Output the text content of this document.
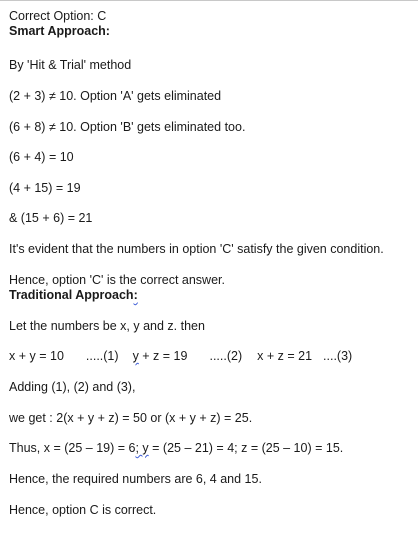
Correct Option: C
Smart Approach:
By 'Hit & Trial' method
(2 + 3) ≠ 10. Option 'A' gets eliminated
(6 + 8) ≠ 10. Option 'B' gets eliminated too.
(6 + 4) = 10
(4 + 15) = 19
& (15 + 6) = 21
It's evident that the numbers in option 'C' satisfy the given condition.
Hence, option 'C' is the correct answer.
Traditional Approach:
Let the numbers be x, y and z. then
x + y = 10 .....(1) y + z = 19 .....(2) x + z = 21 ....(3)
Adding (1), (2) and (3),
we get : 2(x + y + z) = 50 or (x + y + z) = 25.
Thus, x = (25 – 19) = 6; y = (25 – 21) = 4; z = (25 – 10) = 15.
Hence, the required numbers are 6, 4 and 15.
Hence, option C is correct.
